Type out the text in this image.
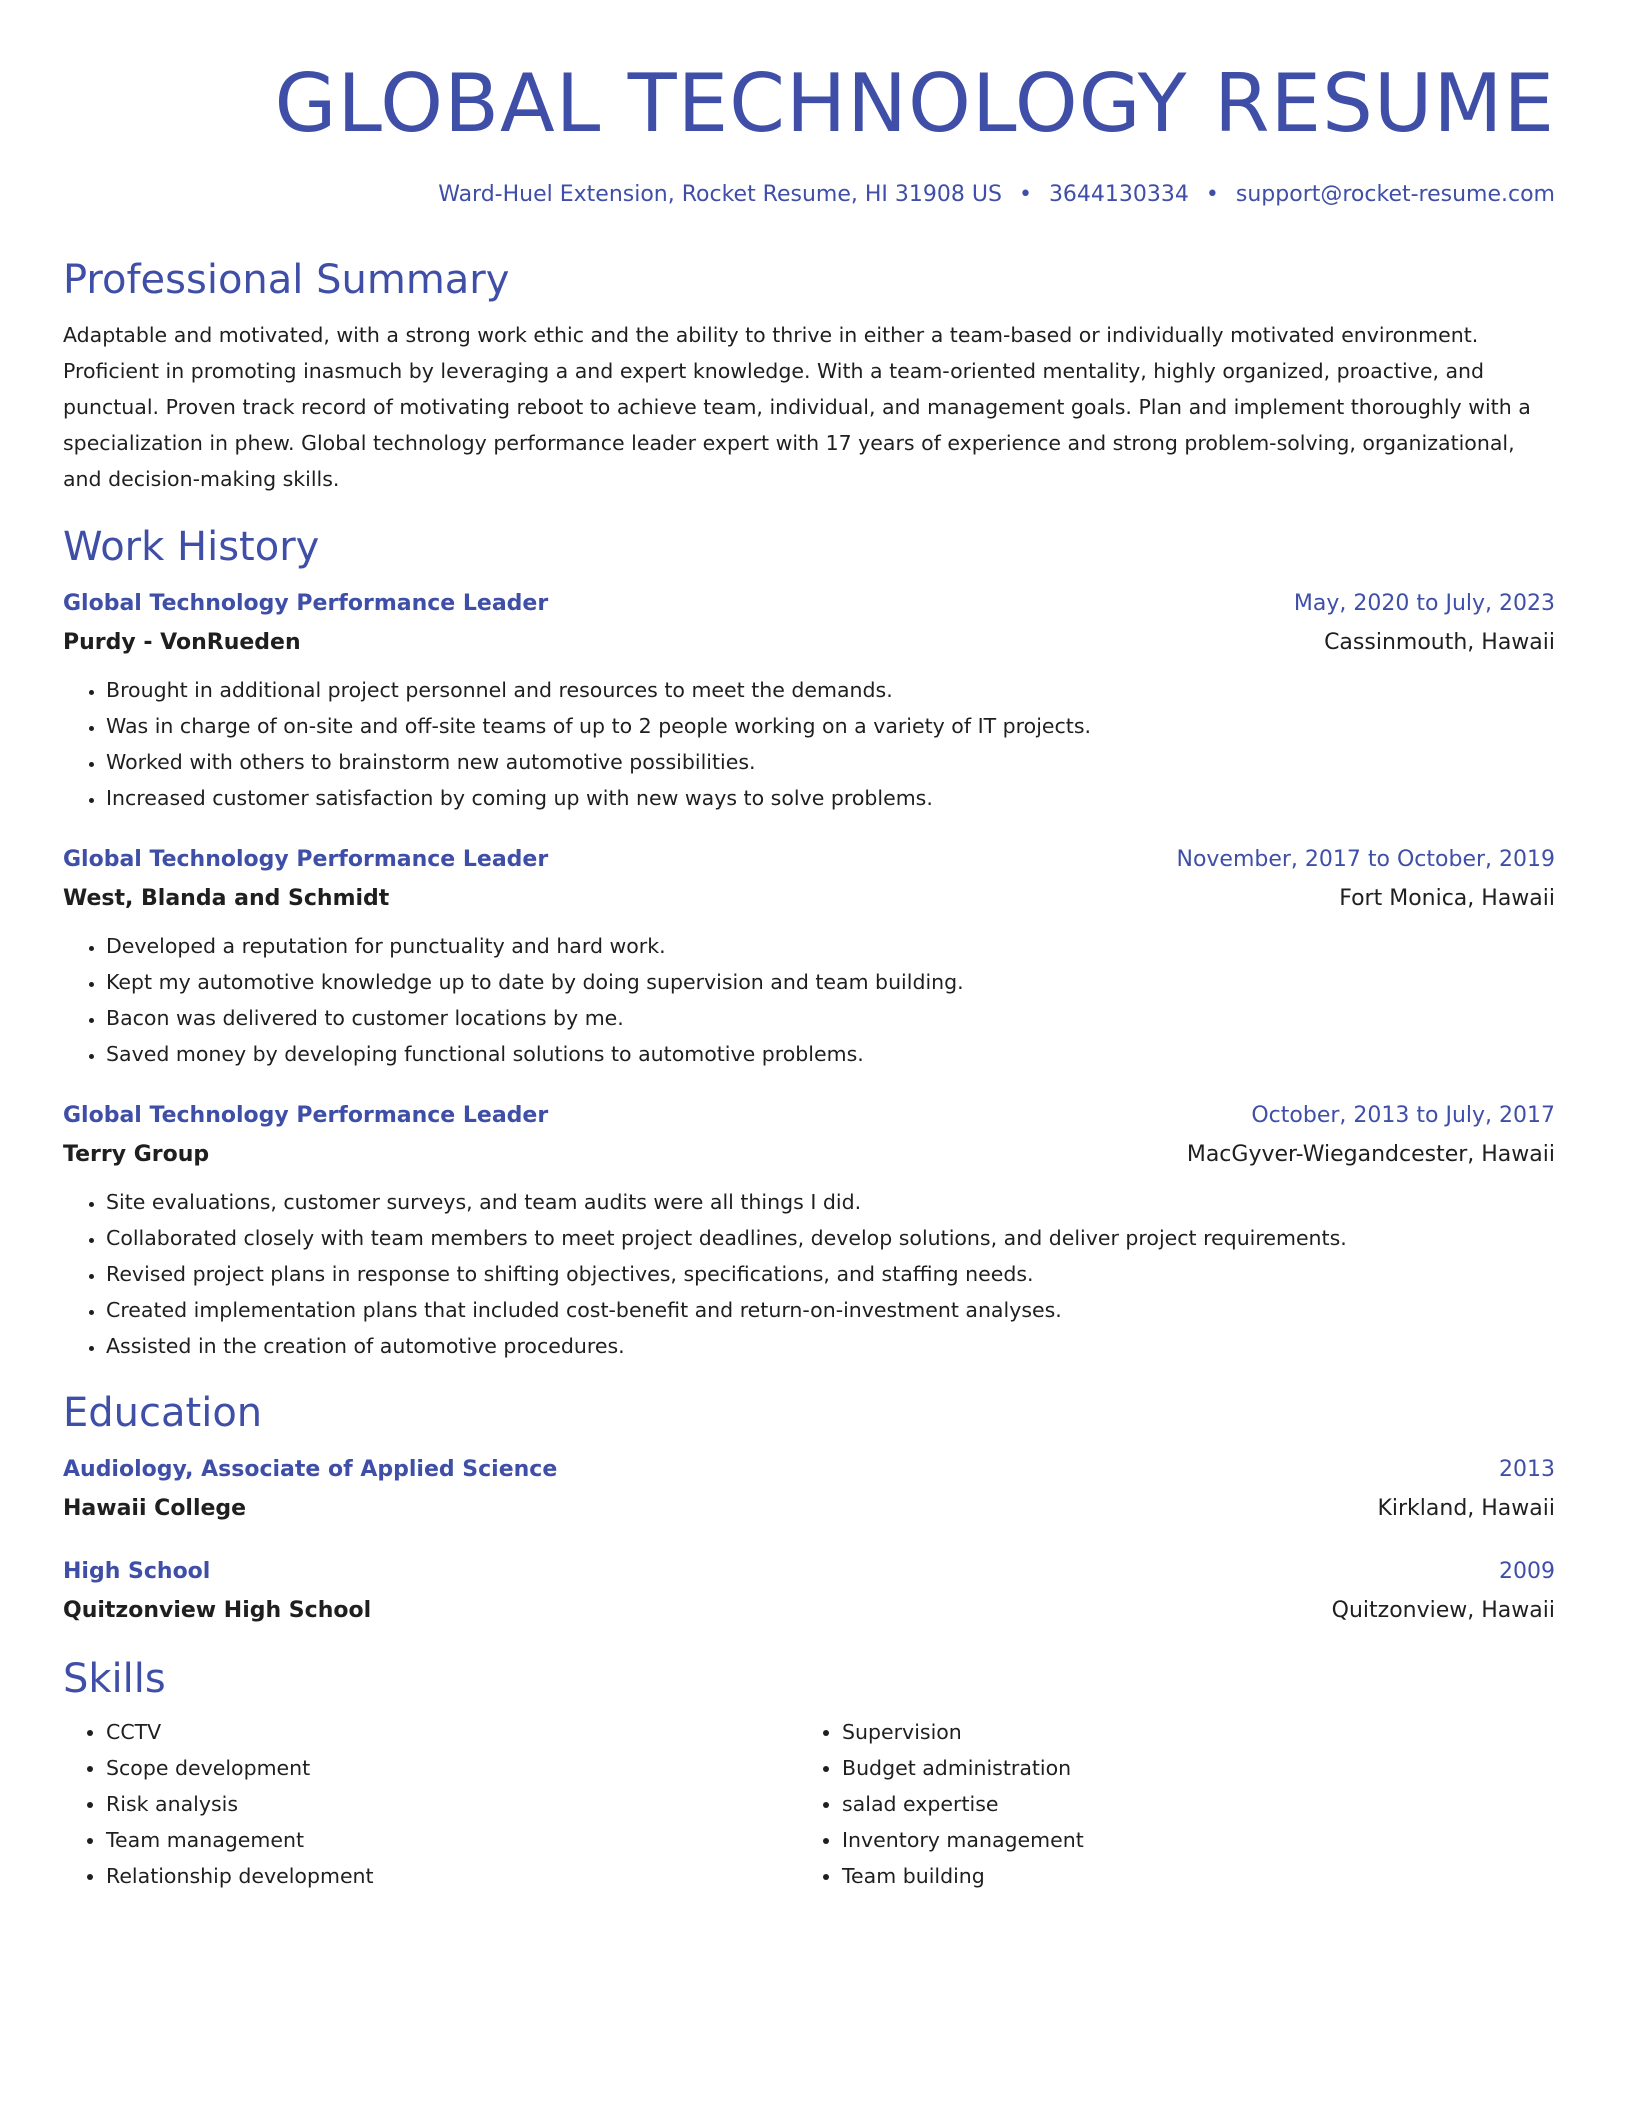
GLOBAL TECHNOLOGY RESUME
Ward-Huel Extension, Rocket Resume, HI 31908 US • 3644130334 • support@rocket-resume.com
Professional Summary
Adaptable and motivated, with a strong work ethic and the ability to thrive in either a team-based or individually motivated environment. Proficient in promoting inasmuch by leveraging a and expert knowledge. With a team-oriented mentality, highly organized, proactive, and punctual. Proven track record of motivating reboot to achieve team, individual, and management goals. Plan and implement thoroughly with a specialization in phew. Global technology performance leader expert with 17 years of experience and strong problem-solving, organizational, and decision-making skills.
Work History
Global Technology Performance Leader	May, 2020 to July, 2023
Purdy - VonRueden	Cassinmouth, Hawaii
• Brought in additional project personnel and resources to meet the demands.
• Was in charge of on-site and off-site teams of up to 2 people working on a variety of IT projects.
• Worked with others to brainstorm new automotive possibilities.
• Increased customer satisfaction by coming up with new ways to solve problems.
Global Technology Performance Leader	November, 2017 to October, 2019
West, Blanda and Schmidt	Fort Monica, Hawaii
• Developed a reputation for punctuality and hard work.
• Kept my automotive knowledge up to date by doing supervision and team building.
• Bacon was delivered to customer locations by me.
• Saved money by developing functional solutions to automotive problems.
Global Technology Performance Leader	October, 2013 to July, 2017
Terry Group	MacGyver-Wiegandcester, Hawaii
• Site evaluations, customer surveys, and team audits were all things I did.
• Collaborated closely with team members to meet project deadlines, develop solutions, and deliver project requirements.
• Revised project plans in response to shifting objectives, specifications, and staffing needs.
• Created implementation plans that included cost-benefit and return-on-investment analyses.
• Assisted in the creation of automotive procedures.
Education
Audiology, Associate of Applied Science	2013
Hawaii College	Kirkland, Hawaii
High School	2009
Quitzonview High School	Quitzonview, Hawaii
Skills
• CCTV
• Scope development
• Risk analysis
• Team management
• Relationship development
• Supervision
• Budget administration
• salad expertise
• Inventory management
• Team building
